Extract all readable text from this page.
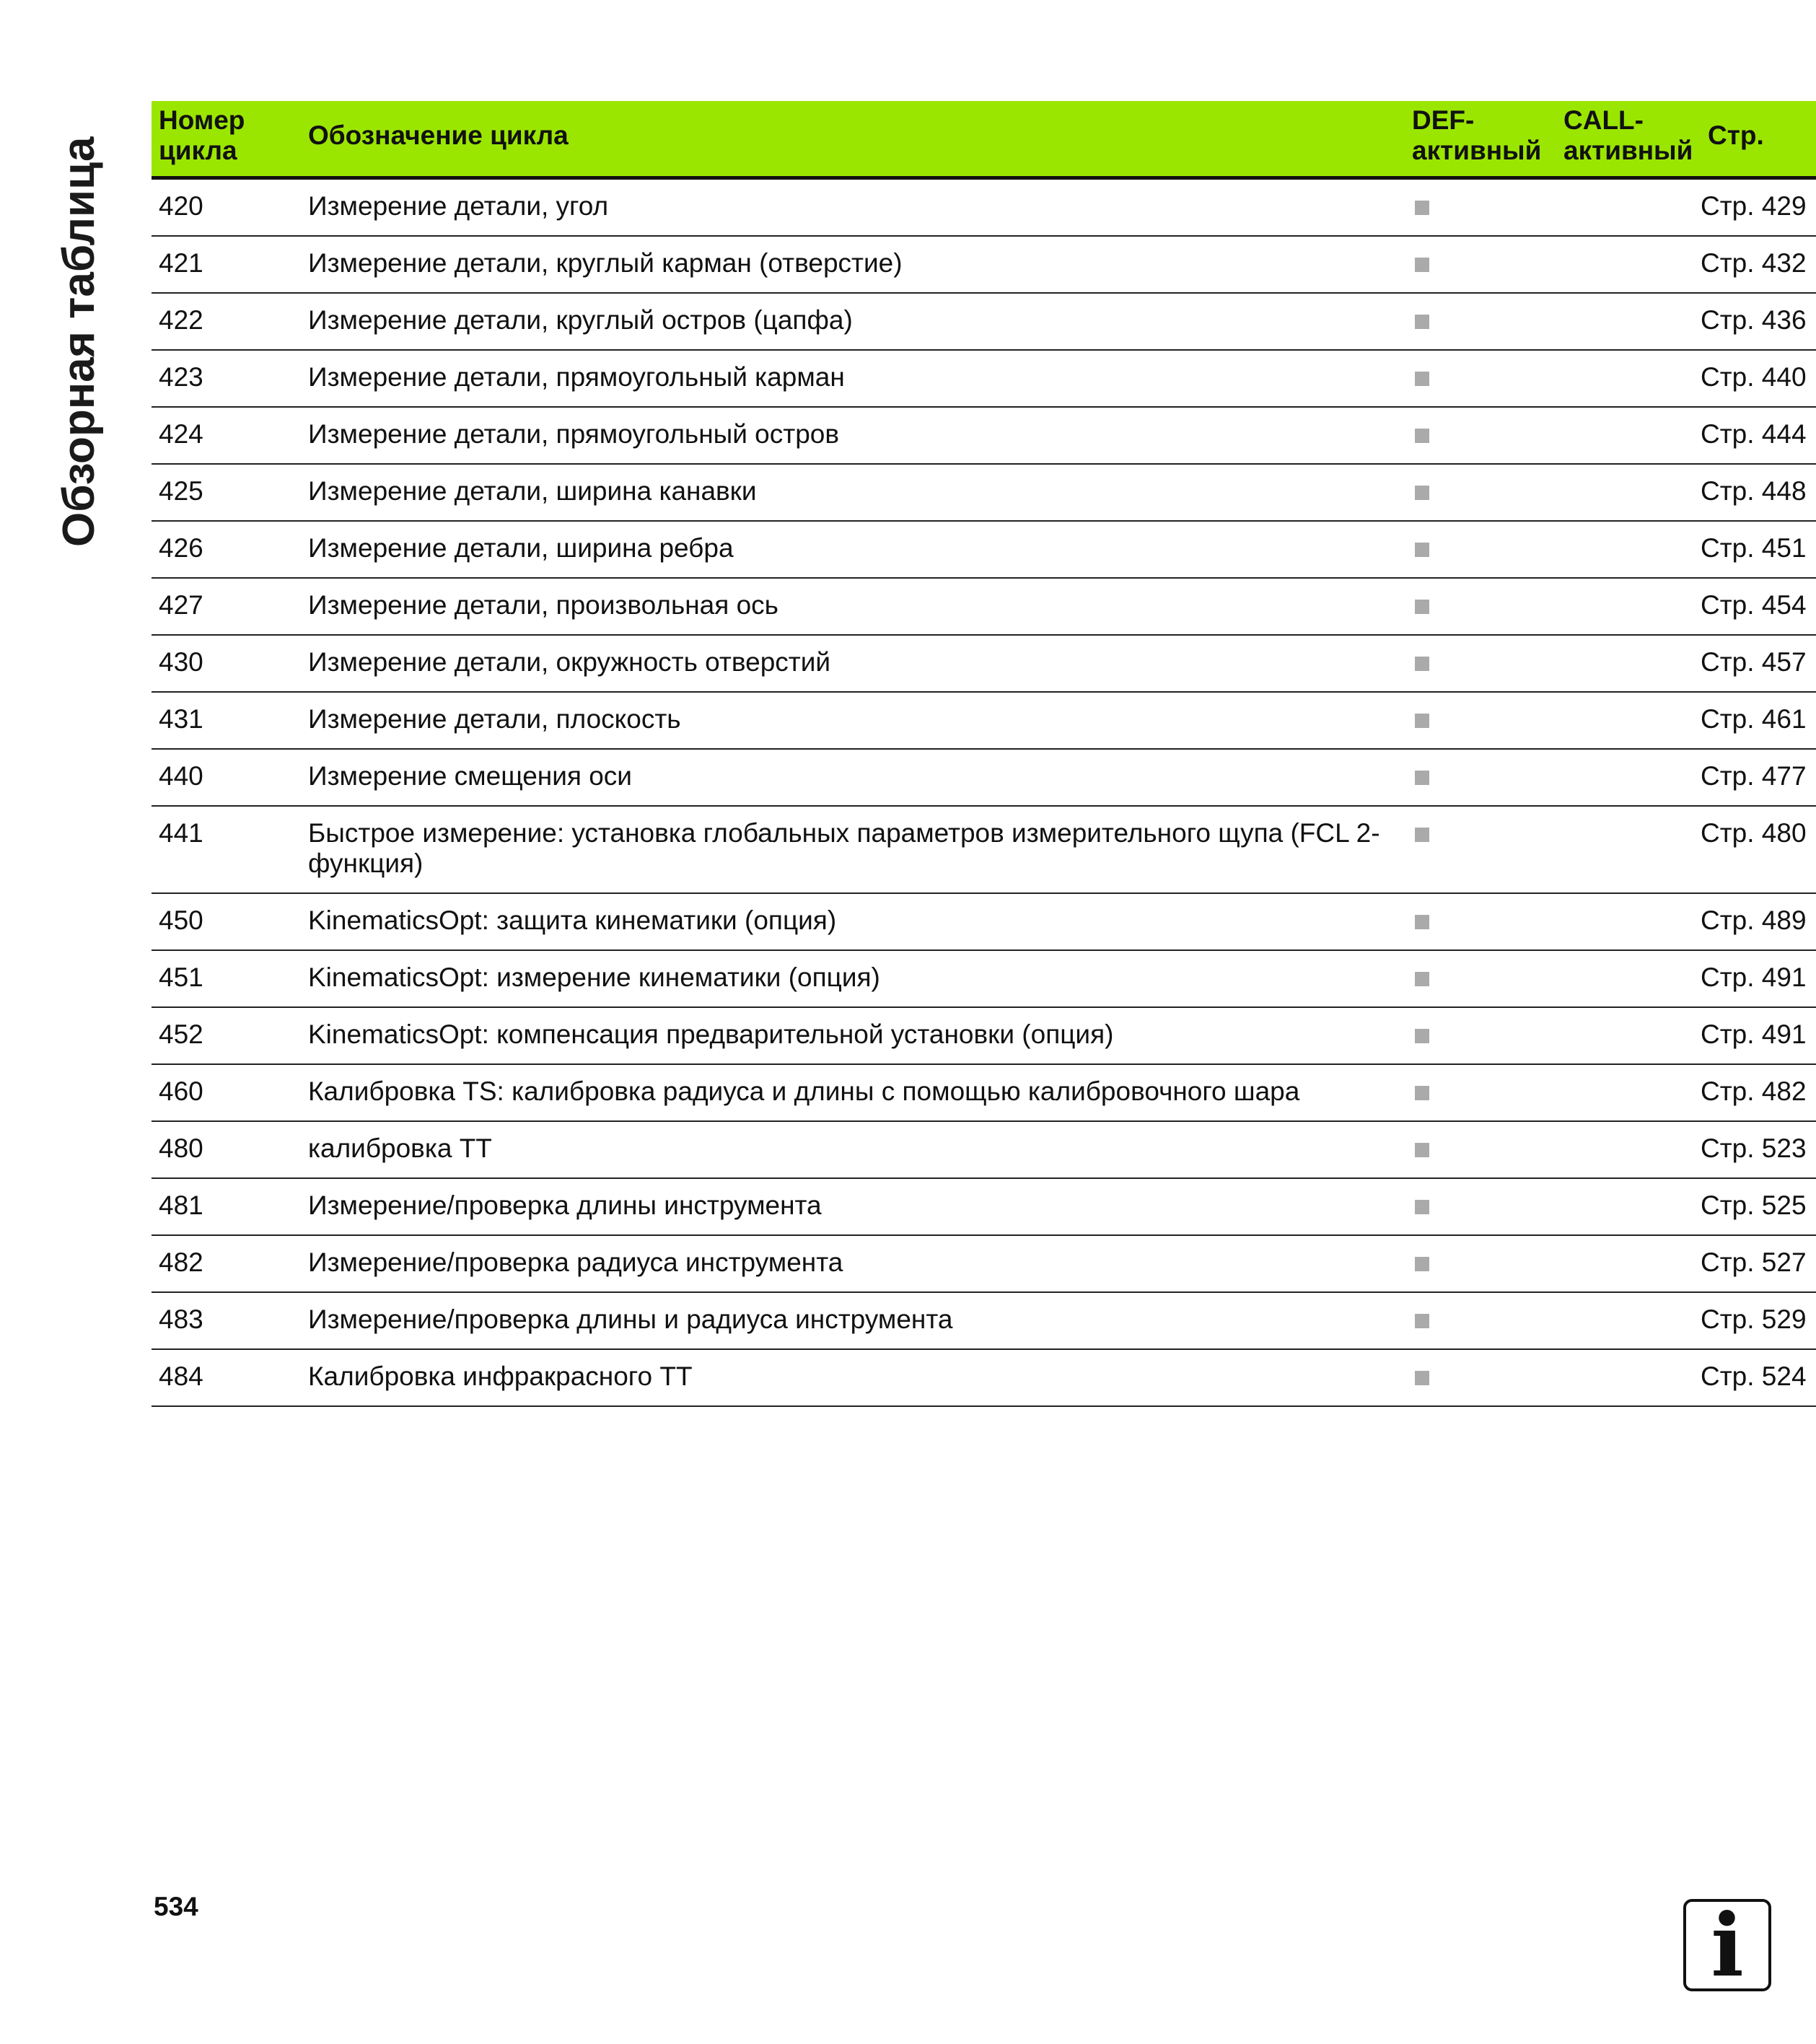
Обзорная таблица
Номер
цикла	Обозначение цикла	DEF-
активный	CALL-
активный	Стр.
420	Измерение детали, угол			Стр. 429
421	Измерение детали, круглый карман (отверстие)			Стр. 432
422	Измерение детали, круглый остров (цапфа)			Стр. 436
423	Измерение детали, прямоугольный карман			Стр. 440
424	Измерение детали, прямоугольный остров			Стр. 444
425	Измерение детали, ширина канавки			Стр. 448
426	Измерение детали, ширина ребра			Стр. 451
427	Измерение детали, произвольная ось			Стр. 454
430	Измерение детали, окружность отверстий			Стр. 457
431	Измерение детали, плоскость			Стр. 461
440	Измерение смещения оси			Стр. 477
441	Быстрое измерение: установка глобальных параметров измерительного щупа (FCL 2-функция)			Стр. 480
450	KinematicsOpt: защита кинематики (опция)			Стр. 489
451	KinematicsOpt: измерение кинематики (опция)			Стр. 491
452	KinematicsOpt: компенсация предварительной установки (опция)			Стр. 491
460	Калибровка TS: калибровка радиуса и длины с помощью калибровочного шара			Стр. 482
480	калибровка TT			Стр. 523
481	Измерение/проверка длины инструмента			Стр. 525
482	Измерение/проверка радиуса инструмента			Стр. 527
483	Измерение/проверка длины и радиуса инструмента			Стр. 529
484	Калибровка инфракрасного TT			Стр. 524
534	i
